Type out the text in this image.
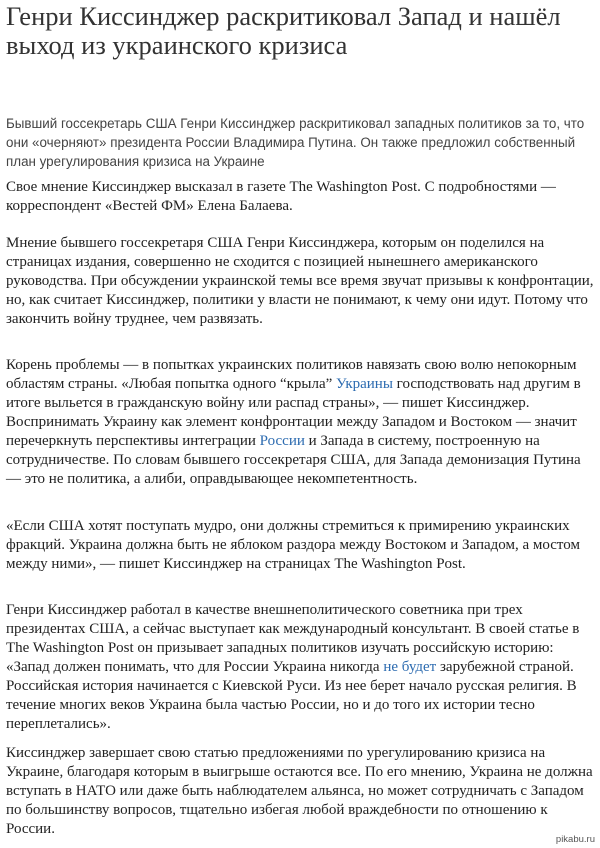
Генри Киссинджер раскритиковал Запад и нашёл выход из украинского кризиса

Бывший госсекретарь США Генри Киссинджер раскритиковал западных политиков за то, что они «очерняют» президента России Владимира Путина. Он также предложил собственный план урегулирования кризиса на Украине

Свое мнение Киссинджер высказал в газете The Washington Post. С подробностями — корреспондент «Вестей ФМ» Елена Балаева.

Мнение бывшего госсекретаря США Генри Киссинджера, которым он поделился на страницах издания, совершенно не сходится с позицией нынешнего американского руководства. При обсуждении украинской темы все время звучат призывы к конфронтации, но, как считает Киссинджер, политики у власти не понимают, к чему они идут. Потому что закончить войну труднее, чем развязать.

Корень проблемы — в попытках украинских политиков навязать свою волю непокорным областям страны. «Любая попытка одного “крыла” Украины господствовать над другим в итоге выльется в гражданскую войну или распад страны», — пишет Киссинджер. Воспринимать Украину как элемент конфронтации между Западом и Востоком — значит перечеркнуть перспективы интеграции России и Запада в систему, построенную на сотрудничестве. По словам бывшего госсекретаря США, для Запада демонизация Путина — это не политика, а алиби, оправдывающее некомпетентность.

«Если США хотят поступать мудро, они должны стремиться к примирению украинских фракций. Украина должна быть не яблоком раздора между Востоком и Западом, а мостом между ними», — пишет Киссинджер на страницах The Washington Post.

Генри Киссинджер работал в качестве внешнеполитического советника при трех президентах США, а сейчас выступает как международный консультант. В своей статье в The Washington Post он призывает западных политиков изучать российскую историю: «Запад должен понимать, что для России Украина никогда не будет зарубежной страной. Российская история начинается с Киевской Руси. Из нее берет начало русская религия. В течение многих веков Украина была частью России, но и до того их истории тесно переплетались».

Киссинджер завершает свою статью предложениями по урегулированию кризиса на Украине, благодаря которым в выигрыше остаются все. По его мнению, Украина не должна вступать в НАТО или даже быть наблюдателем альянса, но может сотрудничать с Западом по большинству вопросов, тщательно избегая любой враждебности по отношению к России.

pikabu.ru
